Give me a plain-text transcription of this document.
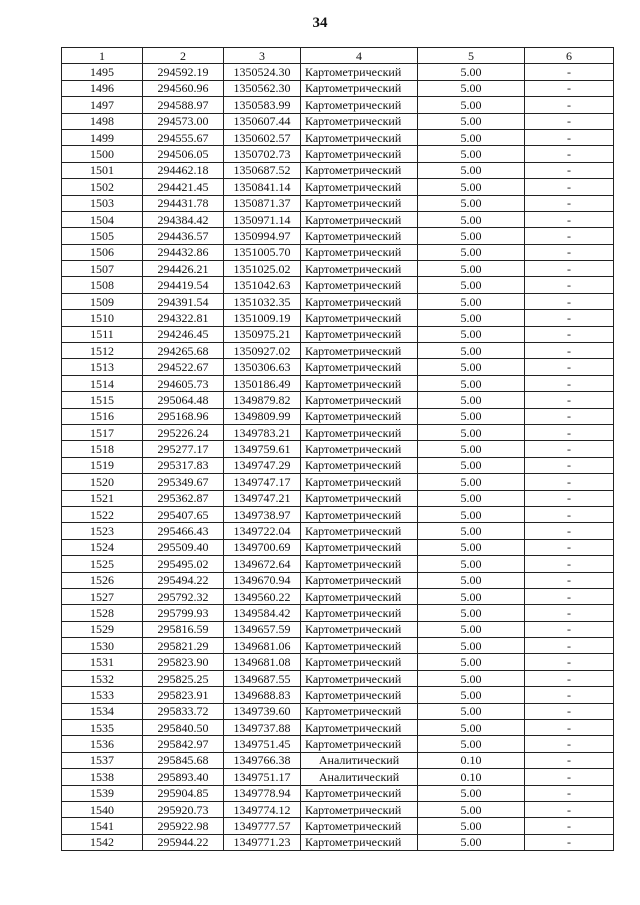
34
1	2	3	4	5	6
1495	294592.19	1350524.30	Картометрический	5.00	-
1496	294560.96	1350562.30	Картометрический	5.00	-
1497	294588.97	1350583.99	Картометрический	5.00	-
1498	294573.00	1350607.44	Картометрический	5.00	-
1499	294555.67	1350602.57	Картометрический	5.00	-
1500	294506.05	1350702.73	Картометрический	5.00	-
1501	294462.18	1350687.52	Картометрический	5.00	-
1502	294421.45	1350841.14	Картометрический	5.00	-
1503	294431.78	1350871.37	Картометрический	5.00	-
1504	294384.42	1350971.14	Картометрический	5.00	-
1505	294436.57	1350994.97	Картометрический	5.00	-
1506	294432.86	1351005.70	Картометрический	5.00	-
1507	294426.21	1351025.02	Картометрический	5.00	-
1508	294419.54	1351042.63	Картометрический	5.00	-
1509	294391.54	1351032.35	Картометрический	5.00	-
1510	294322.81	1351009.19	Картометрический	5.00	-
1511	294246.45	1350975.21	Картометрический	5.00	-
1512	294265.68	1350927.02	Картометрический	5.00	-
1513	294522.67	1350306.63	Картометрический	5.00	-
1514	294605.73	1350186.49	Картометрический	5.00	-
1515	295064.48	1349879.82	Картометрический	5.00	-
1516	295168.96	1349809.99	Картометрический	5.00	-
1517	295226.24	1349783.21	Картометрический	5.00	-
1518	295277.17	1349759.61	Картометрический	5.00	-
1519	295317.83	1349747.29	Картометрический	5.00	-
1520	295349.67	1349747.17	Картометрический	5.00	-
1521	295362.87	1349747.21	Картометрический	5.00	-
1522	295407.65	1349738.97	Картометрический	5.00	-
1523	295466.43	1349722.04	Картометрический	5.00	-
1524	295509.40	1349700.69	Картометрический	5.00	-
1525	295495.02	1349672.64	Картометрический	5.00	-
1526	295494.22	1349670.94	Картометрический	5.00	-
1527	295792.32	1349560.22	Картометрический	5.00	-
1528	295799.93	1349584.42	Картометрический	5.00	-
1529	295816.59	1349657.59	Картометрический	5.00	-
1530	295821.29	1349681.06	Картометрический	5.00	-
1531	295823.90	1349681.08	Картометрический	5.00	-
1532	295825.25	1349687.55	Картометрический	5.00	-
1533	295823.91	1349688.83	Картометрический	5.00	-
1534	295833.72	1349739.60	Картометрический	5.00	-
1535	295840.50	1349737.88	Картометрический	5.00	-
1536	295842.97	1349751.45	Картометрический	5.00	-
1537	295845.68	1349766.38	Аналитический	0.10	-
1538	295893.40	1349751.17	Аналитический	0.10	-
1539	295904.85	1349778.94	Картометрический	5.00	-
1540	295920.73	1349774.12	Картометрический	5.00	-
1541	295922.98	1349777.57	Картометрический	5.00	-
1542	295944.22	1349771.23	Картометрический	5.00	-
